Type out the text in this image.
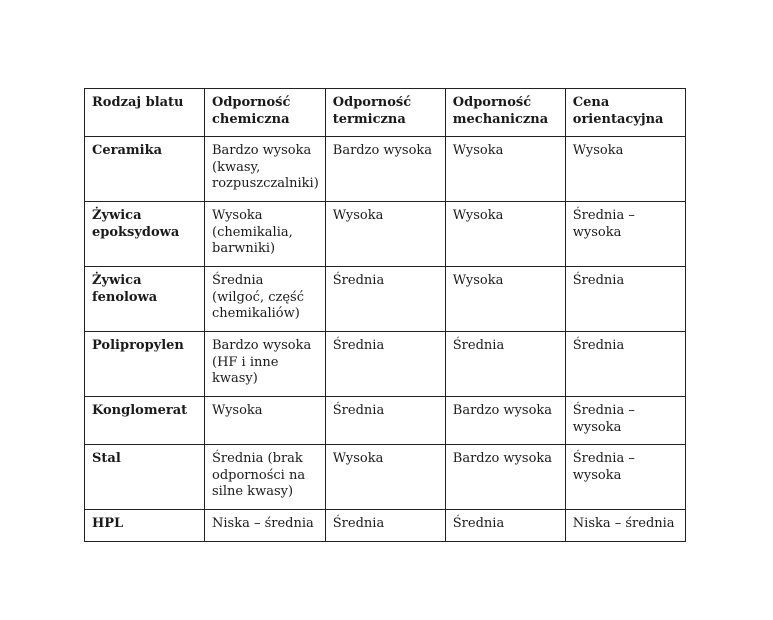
Rodzaj blatu	Odporność chemiczna	Odporność termiczna	Odporność mechaniczna	Cena orientacyjna
Ceramika	Bardzo wysoka (kwasy, rozpuszczalniki)	Bardzo wysoka	Wysoka	Wysoka
Żywica epoksydowa	Wysoka (chemikalia, barwniki)	Wysoka	Wysoka	Średnia – wysoka
Żywica fenolowa	Średnia (wilgoć, część chemikaliów)	Średnia	Wysoka	Średnia
Polipropylen	Bardzo wysoka (HF i inne kwasy)	Średnia	Średnia	Średnia
Konglomerat	Wysoka	Średnia	Bardzo wysoka	Średnia – wysoka
Stal	Średnia (brak odporności na silne kwasy)	Wysoka	Bardzo wysoka	Średnia – wysoka
HPL	Niska – średnia	Średnia	Średnia	Niska – średnia
